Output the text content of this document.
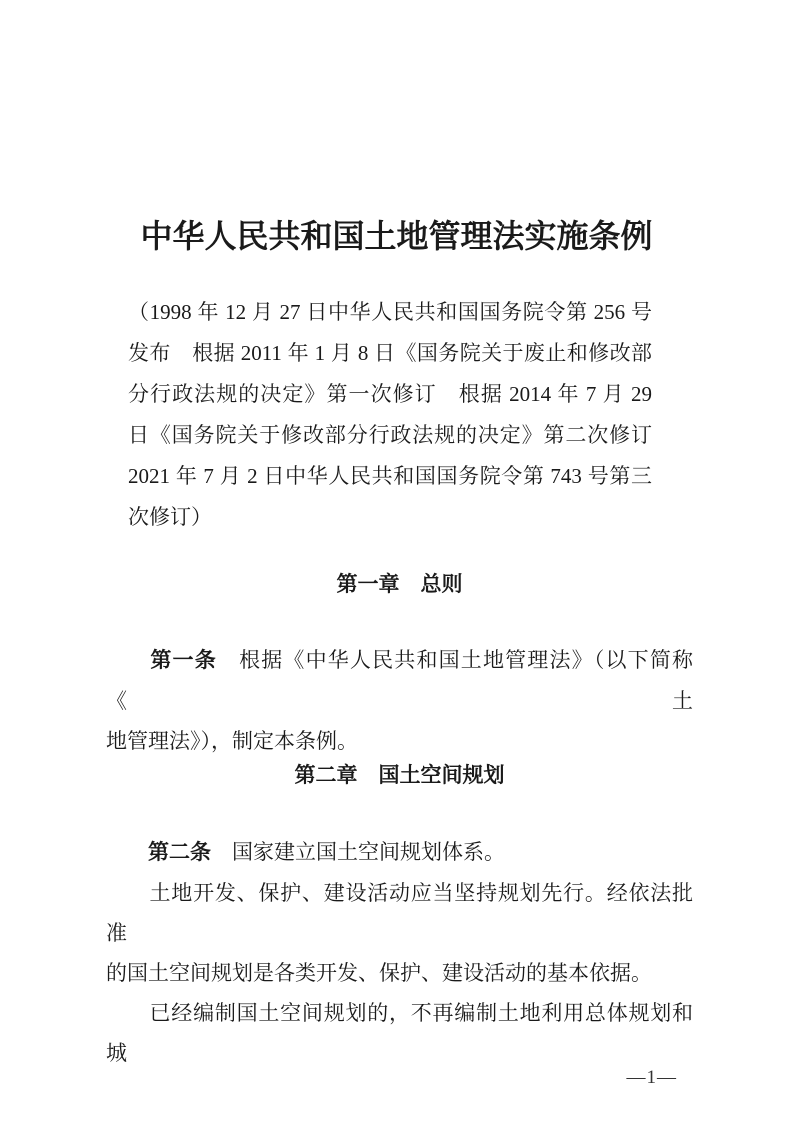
中华人民共和国土地管理法实施条例
（1998 年 12 月 27 日中华人民共和国国务院令第 256 号
发布　根据 2011 年 1 月 8 日《国务院关于废止和修改部
分行政法规的决定》第一次修订　根据 2014 年 7 月 29
日《国务院关于修改部分行政法规的决定》第二次修订
2021 年 7 月 2 日中华人民共和国国务院令第 743 号第三
次修订）
第一章　总则
　　第一条　根据《中华人民共和国土地管理法》（以下简称《土
地管理法》），制定本条例。
第二章　国土空间规划
　　第二条　国家建立国土空间规划体系。
　　土地开发、保护、建设活动应当坚持规划先行。经依法批准
的国土空间规划是各类开发、保护、建设活动的基本依据。
　　已经编制国土空间规划的，不再编制土地利用总体规划和城
—1—
